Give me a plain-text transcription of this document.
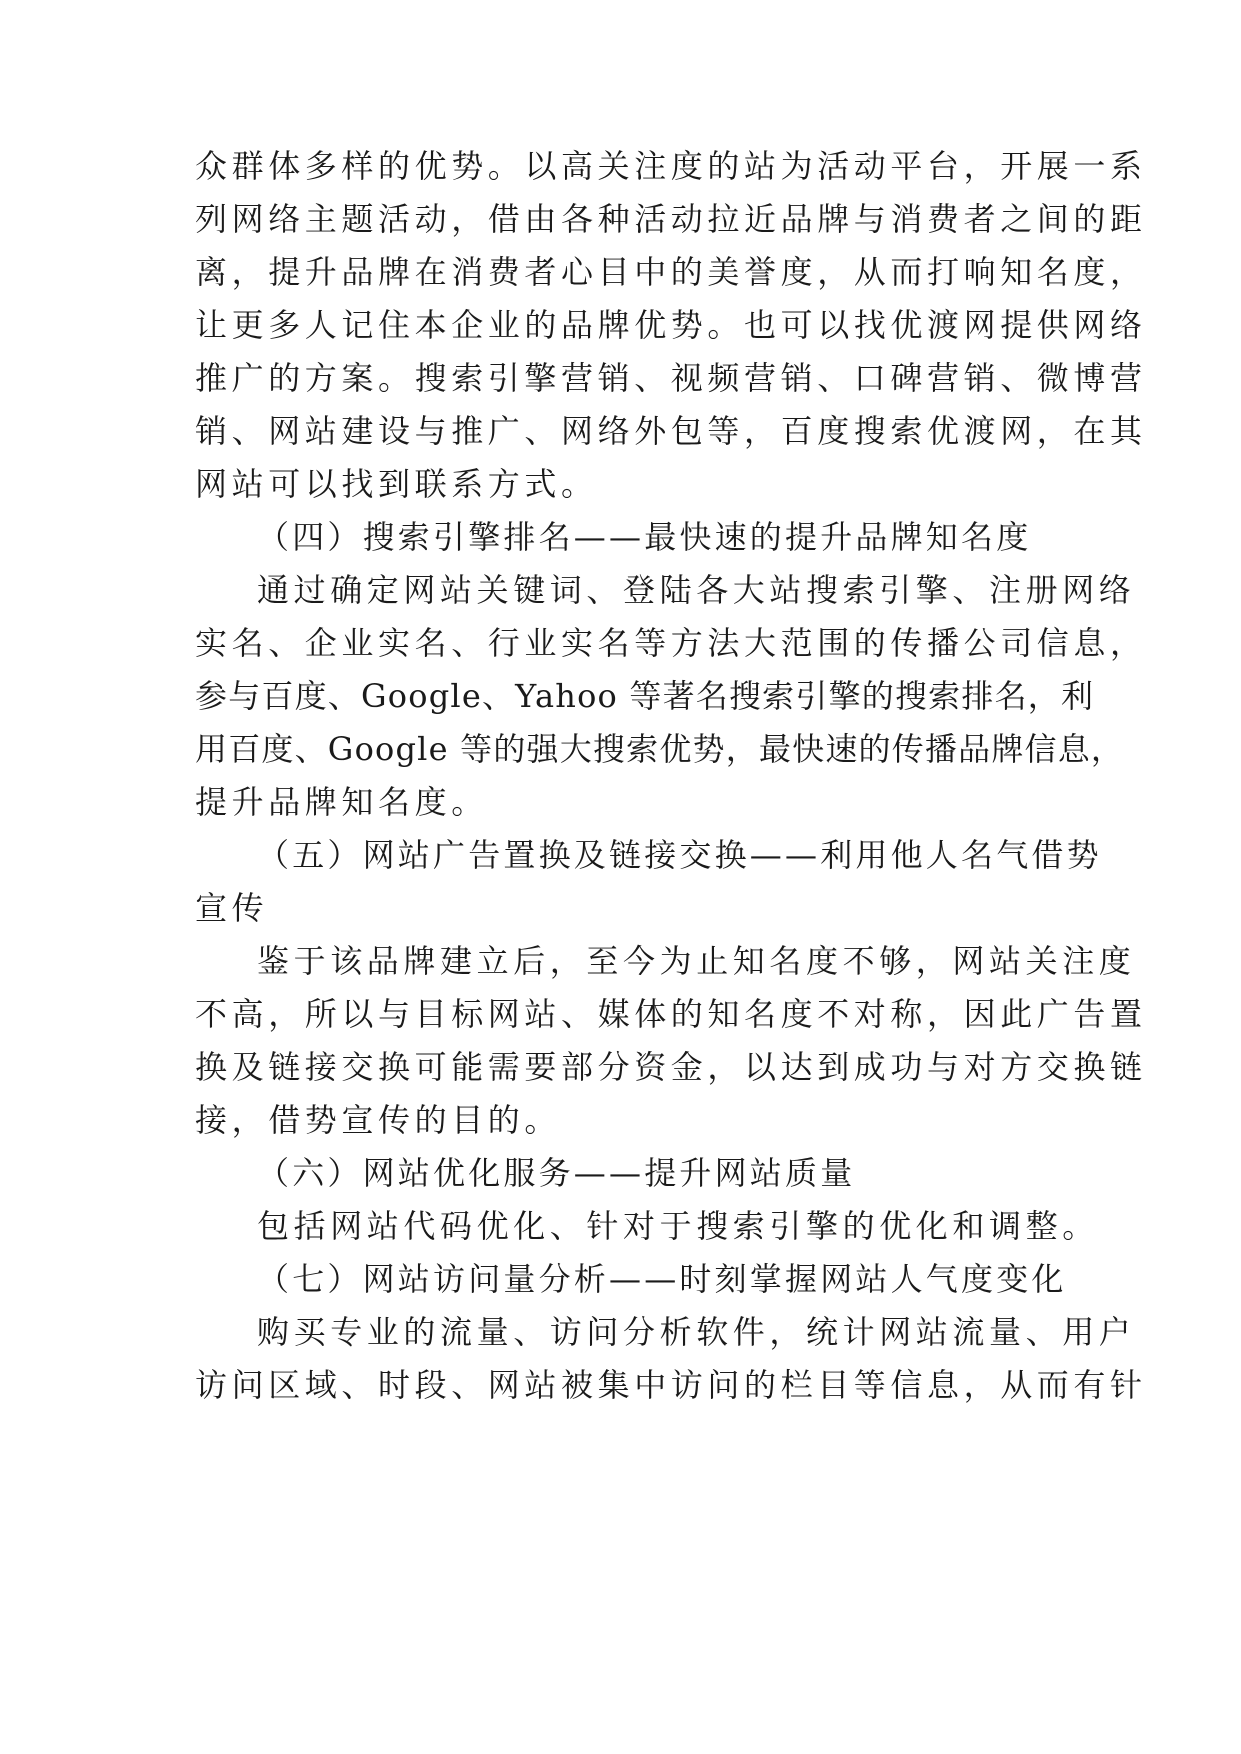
众群体多样的优势。以高关注度的站为活动平台，开展一系
列网络主题活动，借由各种活动拉近品牌与消费者之间的距
离，提升品牌在消费者心目中的美誉度，从而打响知名度，
让更多人记住本企业的品牌优势。也可以找优渡网提供网络
推广的方案。搜索引擎营销、视频营销、口碑营销、微博营
销、网站建设与推广、网络外包等，百度搜索优渡网，在其
网站可以找到联系方式。
（四）搜索引擎排名——最快速的提升品牌知名度
通过确定网站关键词、登陆各大站搜索引擎、注册网络
实名、企业实名、行业实名等方法大范围的传播公司信息，
参与百度、Google、Yahoo 等著名搜索引擎的搜索排名，利
用百度、Google 等的强大搜索优势，最快速的传播品牌信息，
提升品牌知名度。
（五）网站广告置换及链接交换——利用他人名气借势
宣传
鉴于该品牌建立后，至今为止知名度不够，网站关注度
不高，所以与目标网站、媒体的知名度不对称，因此广告置
换及链接交换可能需要部分资金，以达到成功与对方交换链
接，借势宣传的目的。
（六）网站优化服务——提升网站质量
包括网站代码优化、针对于搜索引擎的优化和调整。
（七）网站访问量分析——时刻掌握网站人气度变化
购买专业的流量、访问分析软件，统计网站流量、用户
访问区域、时段、网站被集中访问的栏目等信息，从而有针
